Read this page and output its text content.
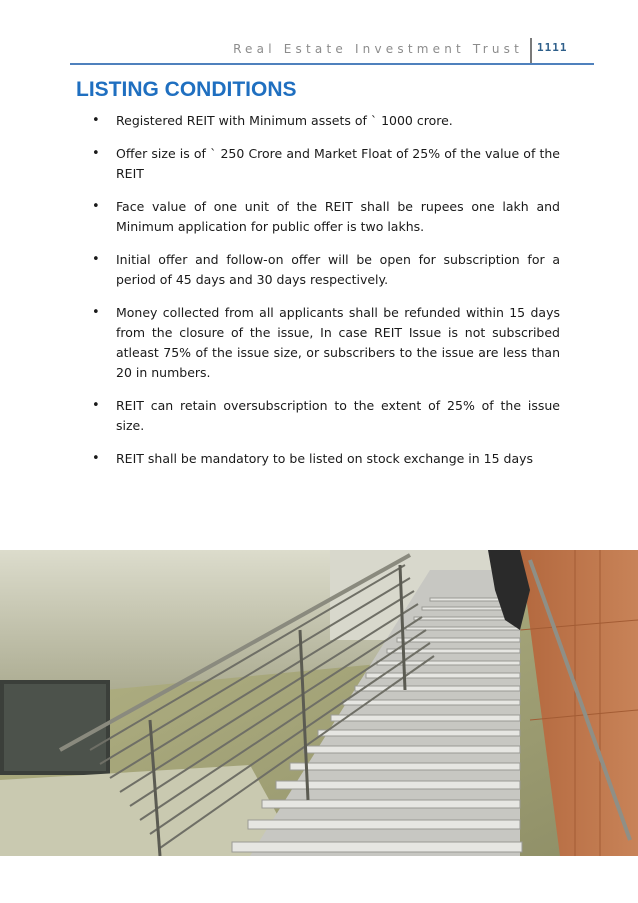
Real Estate Investment Trust 1111
LISTING CONDITIONS
• Registered REIT with Minimum assets of ` 1000 crore.
• Offer size is of ` 250 Crore and Market Float of 25% of the value of the REIT
• Face value of one unit of the REIT shall be rupees one lakh and Minimum application for public offer is two lakhs.
• Initial offer and follow-on offer will be open for subscription for a period of 45 days and 30 days respectively.
• Money collected from all applicants shall be refunded within 15 days from the closure of the issue, In case REIT Issue is not subscribed atleast 75% of the issue size, or subscribers to the issue are less than 20 in numbers.
• REIT can retain oversubscription to the extent of 25% of the issue size.
• REIT shall be mandatory to be listed on stock exchange in 15 days
